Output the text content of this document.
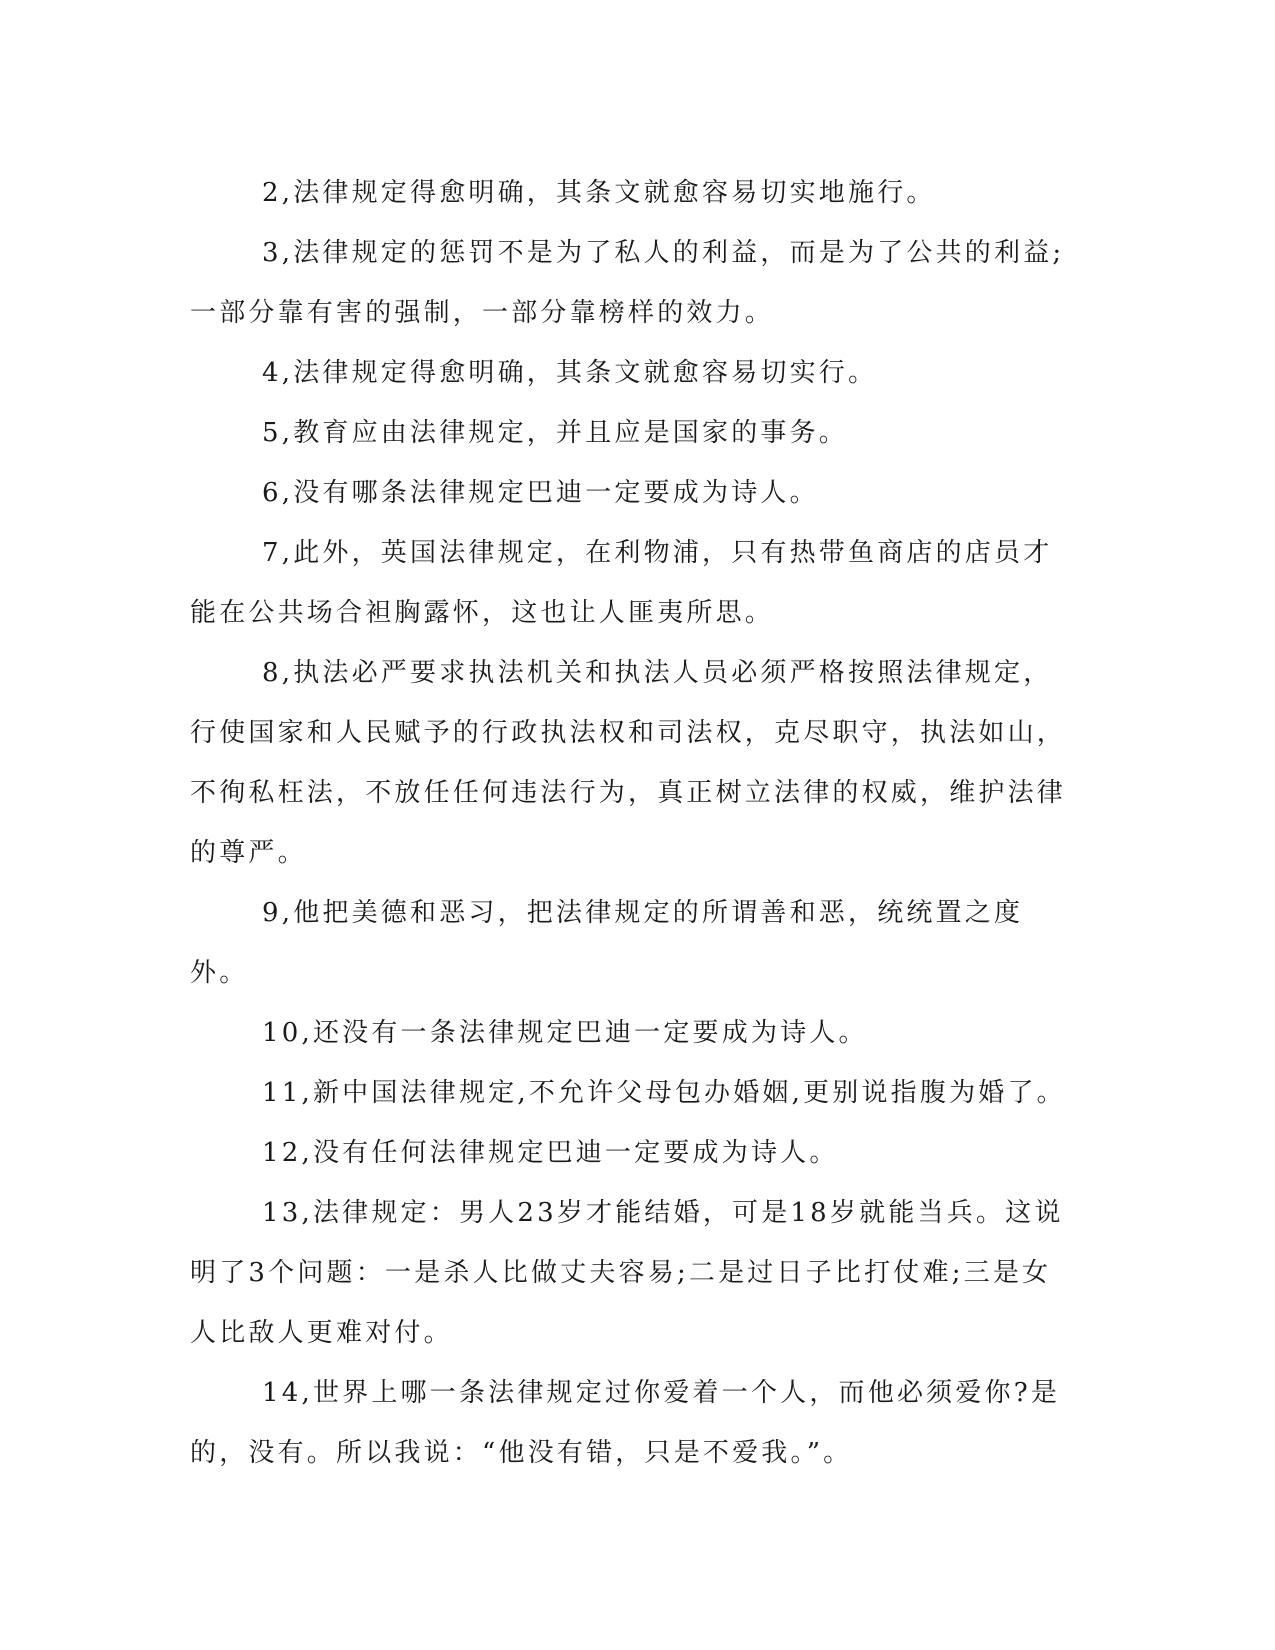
2,法律规定得愈明确，其条文就愈容易切实地施行。

3,法律规定的惩罚不是为了私人的利益，而是为了公共的利益;一部分靠有害的强制，一部分靠榜样的效力。

4,法律规定得愈明确，其条文就愈容易切实行。

5,教育应由法律规定，并且应是国家的事务。

6,没有哪条法律规定巴迪一定要成为诗人。

7,此外，英国法律规定，在利物浦，只有热带鱼商店的店员才能在公共场合袒胸露怀，这也让人匪夷所思。

8,执法必严要求执法机关和执法人员必须严格按照法律规定，行使国家和人民赋予的行政执法权和司法权，克尽职守，执法如山，不徇私枉法，不放任任何违法行为，真正树立法律的权威，维护法律的尊严。

9,他把美德和恶习，把法律规定的所谓善和恶，统统置之度外。

10,还没有一条法律规定巴迪一定要成为诗人。

11,新中国法律规定,不允许父母包办婚姻,更别说指腹为婚了。

12,没有任何法律规定巴迪一定要成为诗人。

13,法律规定：男人23岁才能结婚，可是18岁就能当兵。这说明了3个问题：一是杀人比做丈夫容易;二是过日子比打仗难;三是女人比敌人更难对付。

14,世界上哪一条法律规定过你爱着一个人，而他必须爱你?是的，没有。所以我说：“他没有错，只是不爱我。”。
